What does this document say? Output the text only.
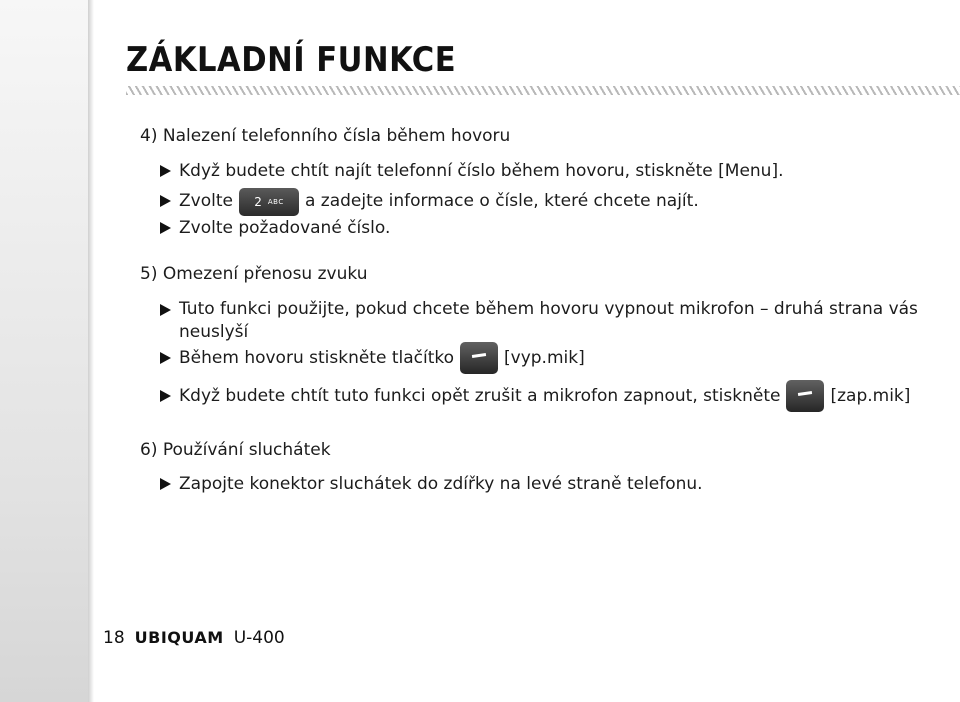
ZÁKLADNÍ FUNKCE

4) Nalezení telefonního čísla během hovoru

Když budete chtít najít telefonní číslo během hovoru, stiskněte [Menu].
Zvolte 2 ABC a zadejte informace o čísle, které chcete najít.
Zvolte požadované číslo.

5) Omezení přenosu zvuku

Tuto funkci použijte, pokud chcete během hovoru vypnout mikrofon – druhá strana vás neuslyší
Během hovoru stiskněte tlačítko	[vyp.mik]
Když budete chtít tuto funkci opět zrušit a mikrofon zapnout, stiskněte	[zap.mik]

6) Používání sluchátek

Zapojte konektor sluchátek do zdířky na levé straně telefonu.
18 UBIQUAM U-400
